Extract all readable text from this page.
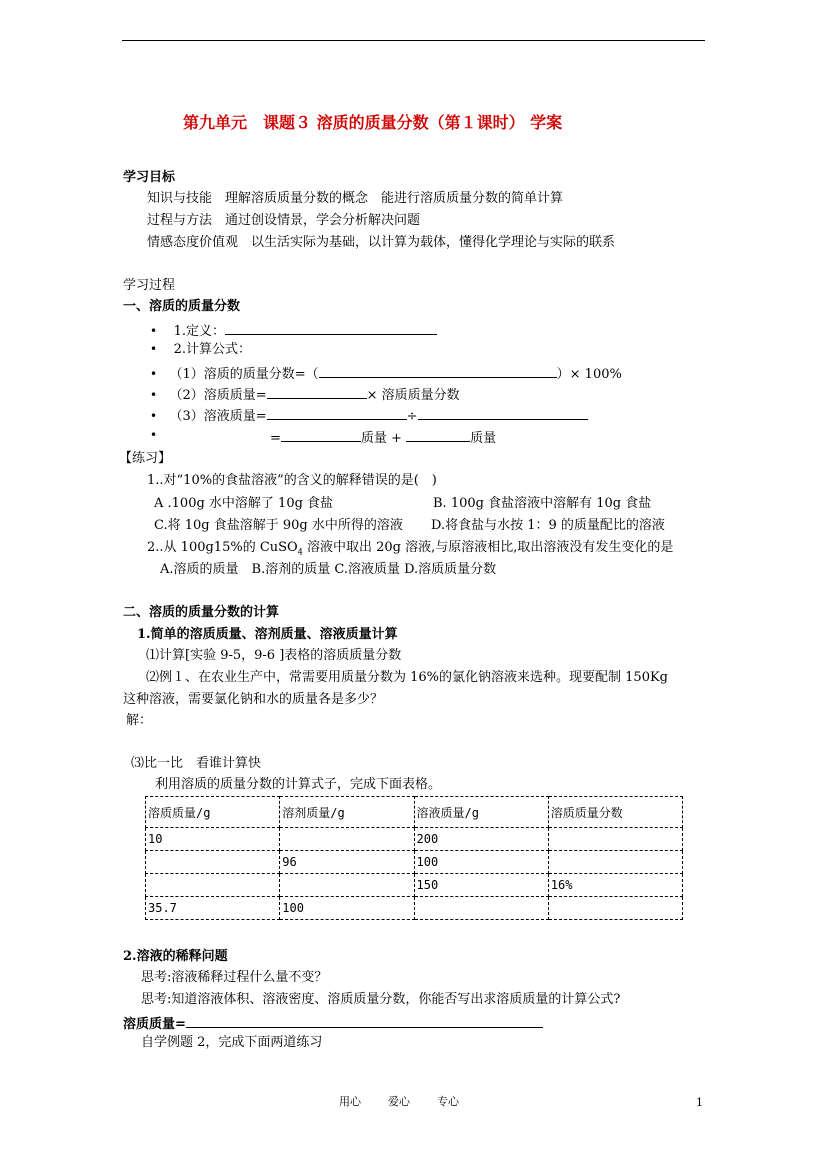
第九单元　课题３ 溶质的质量分数（第１课时） 学案
学习目标
知识与技能　理解溶质质量分数的概念　能进行溶质质量分数的简单计算
过程与方法　通过创设情景，学会分析解决问题
情感态度价值观　以生活实际为基础，以计算为载体，懂得化学理论与实际的联系
学习过程
一、溶质的质量分数
• 1.定义：
• 2.计算公式：
• （1）溶质的质量分数=（	）× 100%
• （2）溶质质量=	× 溶质质量分数
• （3）溶液质量=	÷
•	=	质量 +	质量
【练习】
1..对“10%的食盐溶液”的含义的解释错误的是(　)
A .100g 水中溶解了 10g 食盐	B. 100g 食盐溶液中溶解有 10g 食盐
C.将 10g 食盐溶解于 90g 水中所得的溶液 D.将食盐与水按 1：9 的质量配比的溶液
2..从 100g15%的 CuSO$_4$ 溶液中取出 20g 溶液,与原溶液相比,取出溶液没有发生变化的是
A.溶质的质量　B.溶剂的质量 C.溶液质量 D.溶质质量分数
二、溶质的质量分数的计算
1.简单的溶质质量、溶剂质量、溶液质量计算
⑴计算[实验 9-5，9-6 ]表格的溶质质量分数
⑵例１、在农业生产中，常需要用质量分数为 16%的氯化钠溶液来选种。现要配制 150Kg
这种溶液，需要氯化钠和水的质量各是多少？
解：
⑶比一比　看谁计算快
利用溶质的质量分数的计算式子，完成下面表格。
溶质质量/g	溶剂质量/g	溶液质量/g	溶质质量分数
10		200	
	96	100	
		150	16%
35.7	100		
2.溶液的稀释问题
思考:溶液稀释过程什么量不变？
思考:知道溶液体积、溶液密度、溶质质量分数，你能否写出求溶质质量的计算公式?
溶质质量=
自学例题 2，完成下面两道练习
用心 爱心 专心	1
